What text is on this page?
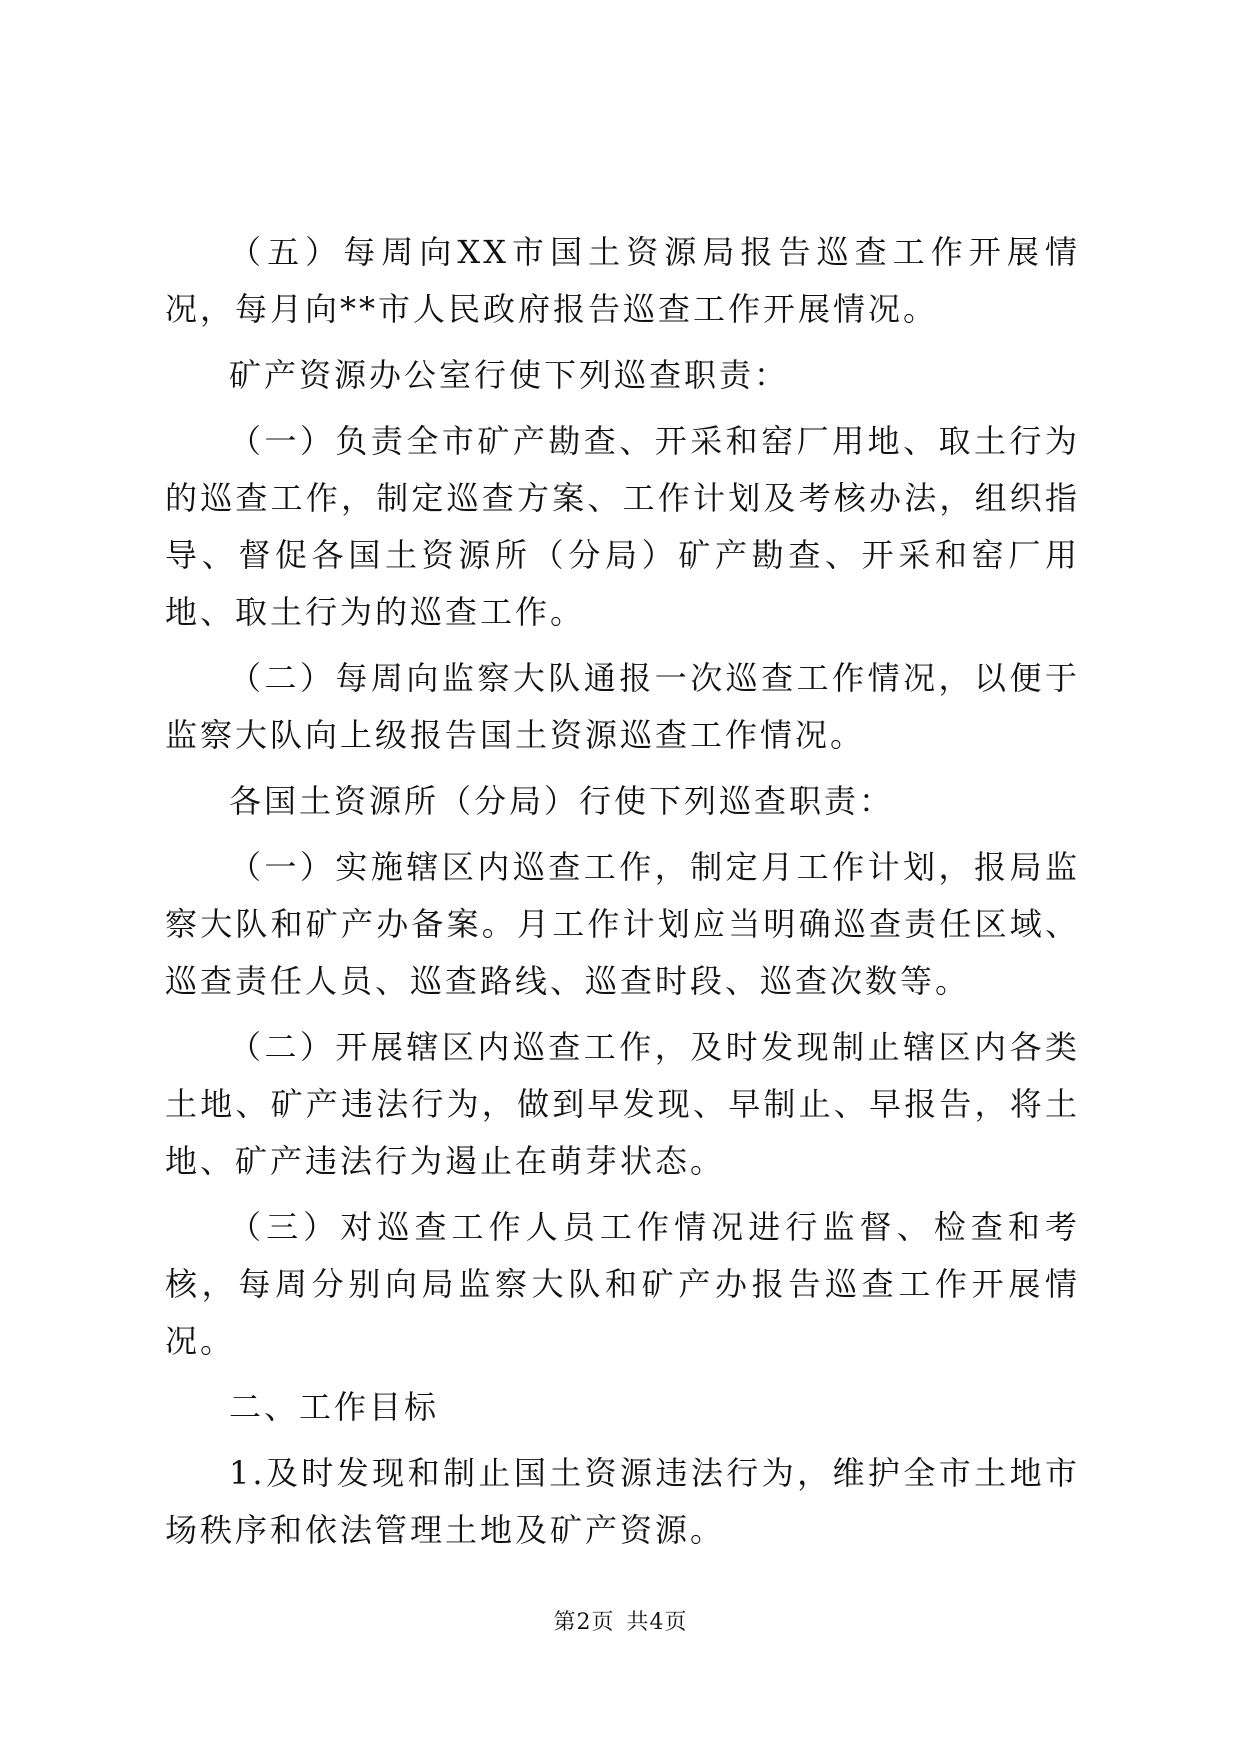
（五）每周向XX市国土资源局报告巡查工作开展情况，每月向**市人民政府报告巡查工作开展情况。

矿产资源办公室行使下列巡查职责：

（一）负责全市矿产勘查、开采和窑厂用地、取土行为的巡查工作，制定巡查方案、工作计划及考核办法，组织指导、督促各国土资源所（分局）矿产勘查、开采和窑厂用地、取土行为的巡查工作。

（二）每周向监察大队通报一次巡查工作情况，以便于监察大队向上级报告国土资源巡查工作情况。

各国土资源所（分局）行使下列巡查职责：

（一）实施辖区内巡查工作，制定月工作计划，报局监察大队和矿产办备案。月工作计划应当明确巡查责任区域、巡查责任人员、巡查路线、巡查时段、巡查次数等。

（二）开展辖区内巡查工作，及时发现制止辖区内各类土地、矿产违法行为，做到早发现、早制止、早报告，将土地、矿产违法行为遏止在萌芽状态。

（三）对巡查工作人员工作情况进行监督、检查和考核，每周分别向局监察大队和矿产办报告巡查工作开展情况。

二、工作目标

1.及时发现和制止国土资源违法行为，维护全市土地市场秩序和依法管理土地及矿产资源。

第2页 共4页
